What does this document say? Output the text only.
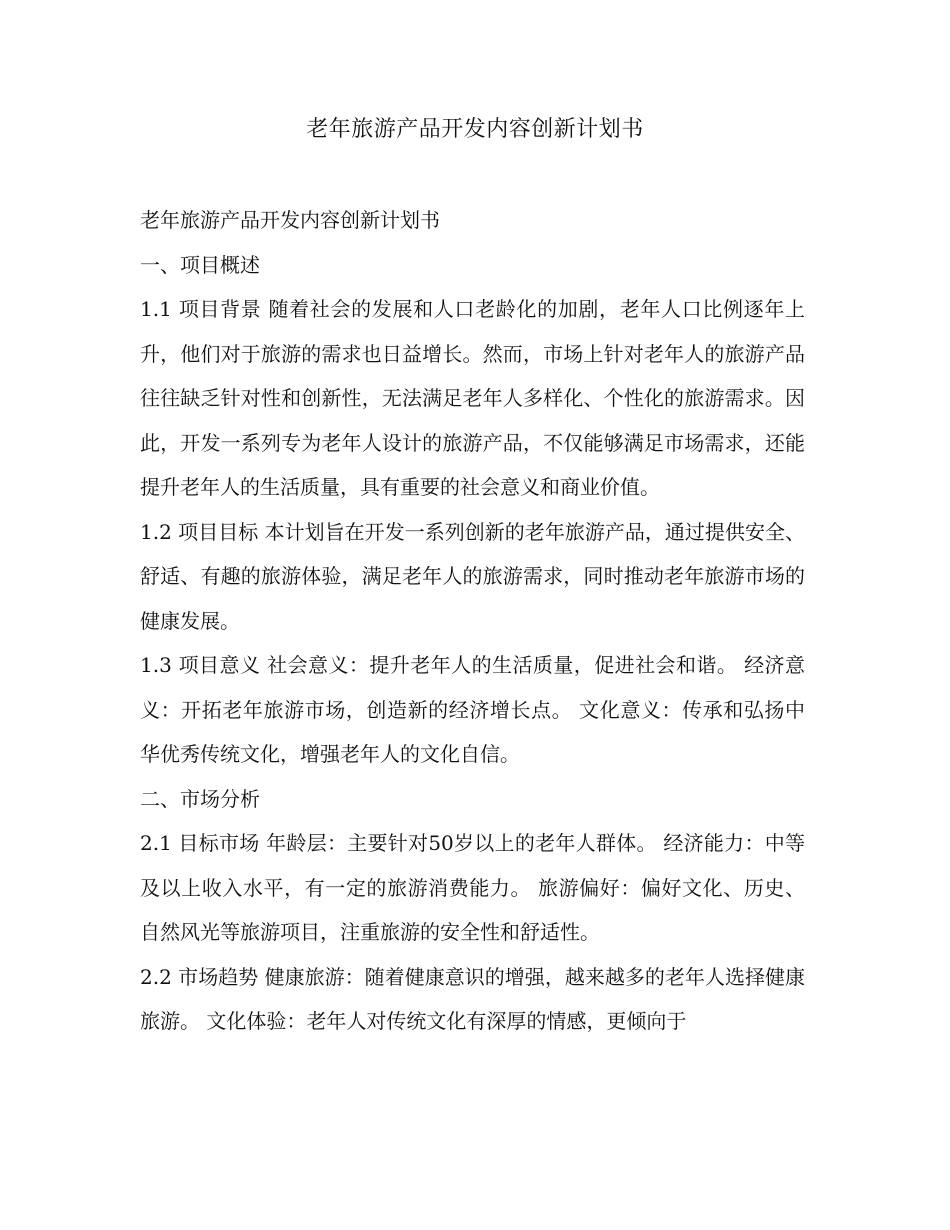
老年旅游产品开发内容创新计划书

老年旅游产品开发内容创新计划书

一、项目概述

1.1 项目背景 随着社会的发展和人口老龄化的加剧，老年人口比例逐年上升，他们对于旅游的需求也日益增长。然而，市场上针对老年人的旅游产品往往缺乏针对性和创新性，无法满足老年人多样化、个性化的旅游需求。因此，开发一系列专为老年人设计的旅游产品，不仅能够满足市场需求，还能提升老年人的生活质量，具有重要的社会意义和商业价值。

1.2 项目目标 本计划旨在开发一系列创新的老年旅游产品，通过提供安全、舒适、有趣的旅游体验，满足老年人的旅游需求，同时推动老年旅游市场的健康发展。

1.3 项目意义 社会意义：提升老年人的生活质量，促进社会和谐。 经济意义：开拓老年旅游市场，创造新的经济增长点。 文化意义：传承和弘扬中华优秀传统文化，增强老年人的文化自信。

二、市场分析

2.1 目标市场 年龄层：主要针对50岁以上的老年人群体。 经济能力：中等及以上收入水平，有一定的旅游消费能力。 旅游偏好：偏好文化、历史、自然风光等旅游项目，注重旅游的安全性和舒适性。

2.2 市场趋势 健康旅游：随着健康意识的增强，越来越多的老年人选择健康旅游。 文化体验：老年人对传统文化有深厚的情感，更倾向于
